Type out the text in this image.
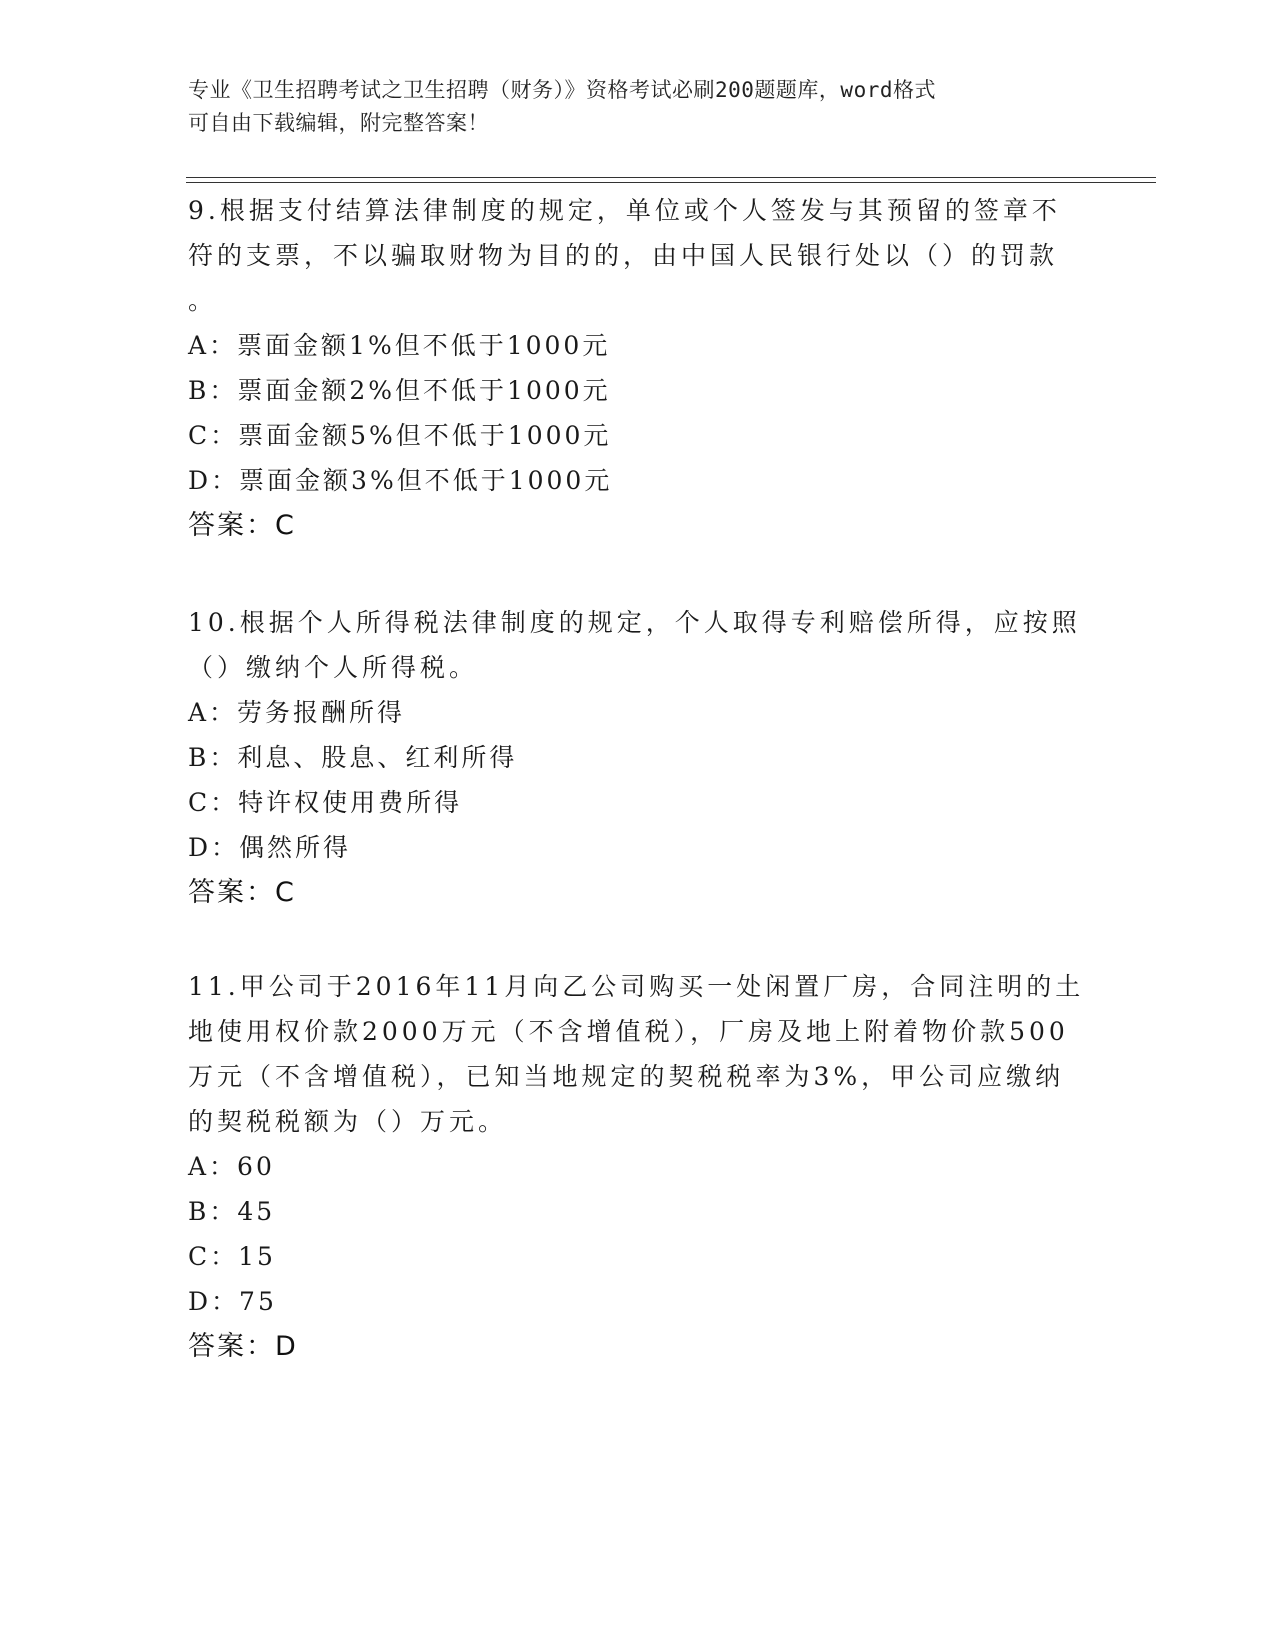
专业《卫生招聘考试之卫生招聘（财务）》资格考试必刷200题题库，word格式
可自由下载编辑，附完整答案！
9.根据支付结算法律制度的规定，单位或个人签发与其预留的签章不
符的支票，不以骗取财物为目的的，由中国人民银行处以（）的罚款
。
A：票面金额1%但不低于1000元
B：票面金额2%但不低于1000元
C：票面金额5%但不低于1000元
D：票面金额3%但不低于1000元
答案：C
10.根据个人所得税法律制度的规定，个人取得专利赔偿所得，应按照
（）缴纳个人所得税。
A：劳务报酬所得
B：利息、股息、红利所得
C：特许权使用费所得
D：偶然所得
答案：C
11.甲公司于2016年11月向乙公司购买一处闲置厂房，合同注明的土
地使用权价款2000万元（不含增值税），厂房及地上附着物价款500
万元（不含增值税），已知当地规定的契税税率为3%，甲公司应缴纳
的契税税额为（）万元。
A：60
B：45
C：15
D：75
答案：D
